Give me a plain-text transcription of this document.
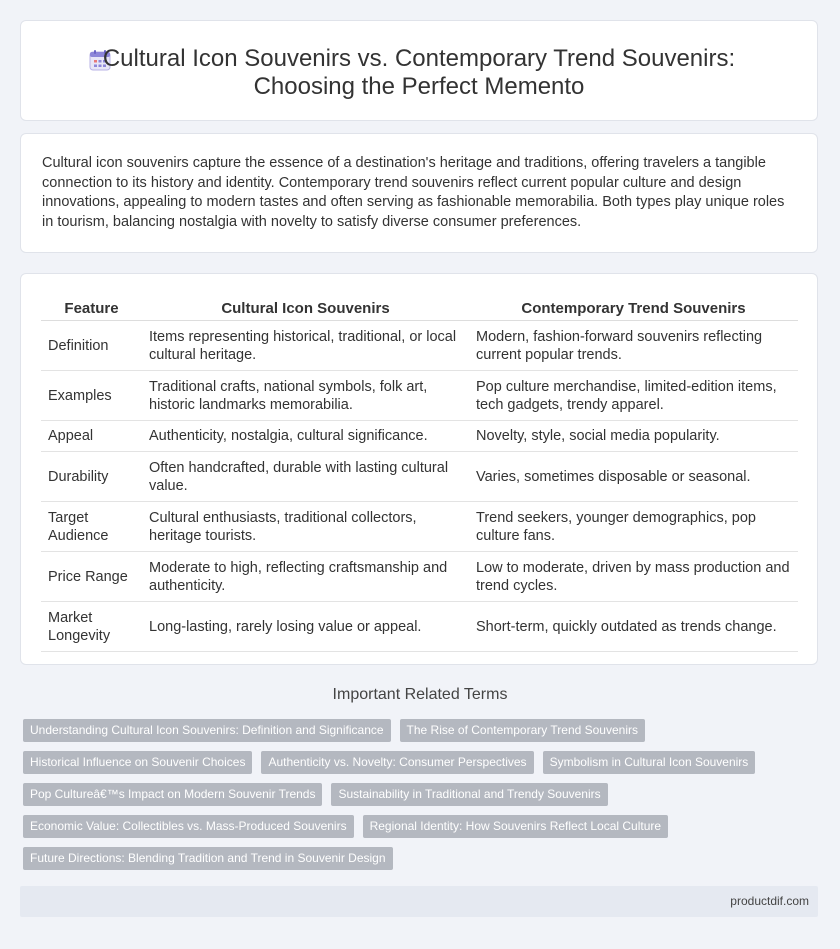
Cultural Icon Souvenirs vs. Contemporary Trend Souvenirs:
Choosing the Perfect Memento

Cultural icon souvenirs capture the essence of a destination's heritage and traditions, offering travelers a tangible connection to its history and identity. Contemporary trend souvenirs reflect current popular culture and design innovations, appealing to modern tastes and often serving as fashionable memorabilia. Both types play unique roles in tourism, balancing nostalgia with novelty to satisfy diverse consumer preferences.

Feature	Cultural Icon Souvenirs	Contemporary Trend Souvenirs
Definition	Items representing historical, traditional, or local cultural heritage.	Modern, fashion-forward souvenirs reflecting current popular trends.
Examples	Traditional crafts, national symbols, folk art, historic landmarks memorabilia.	Pop culture merchandise, limited-edition items, tech gadgets, trendy apparel.
Appeal	Authenticity, nostalgia, cultural significance.	Novelty, style, social media popularity.
Durability	Often handcrafted, durable with lasting cultural value.	Varies, sometimes disposable or seasonal.
Target Audience	Cultural enthusiasts, traditional collectors, heritage tourists.	Trend seekers, younger demographics, pop culture fans.
Price Range	Moderate to high, reflecting craftsmanship and authenticity.	Low to moderate, driven by mass production and trend cycles.
Market Longevity	Long-lasting, rarely losing value or appeal.	Short-term, quickly outdated as trends change.
Important Related Terms
Understanding Cultural Icon Souvenirs: Definition and Significance	The Rise of Contemporary Trend Souvenirs
Historical Influence on Souvenir Choices	Authenticity vs. Novelty: Consumer Perspectives	Symbolism in Cultural Icon Souvenirs
Pop Cultureâ€™s Impact on Modern Souvenir Trends	Sustainability in Traditional and Trendy Souvenirs
Economic Value: Collectibles vs. Mass-Produced Souvenirs	Regional Identity: How Souvenirs Reflect Local Culture
Future Directions: Blending Tradition and Trend in Souvenir Design
productdif.com
